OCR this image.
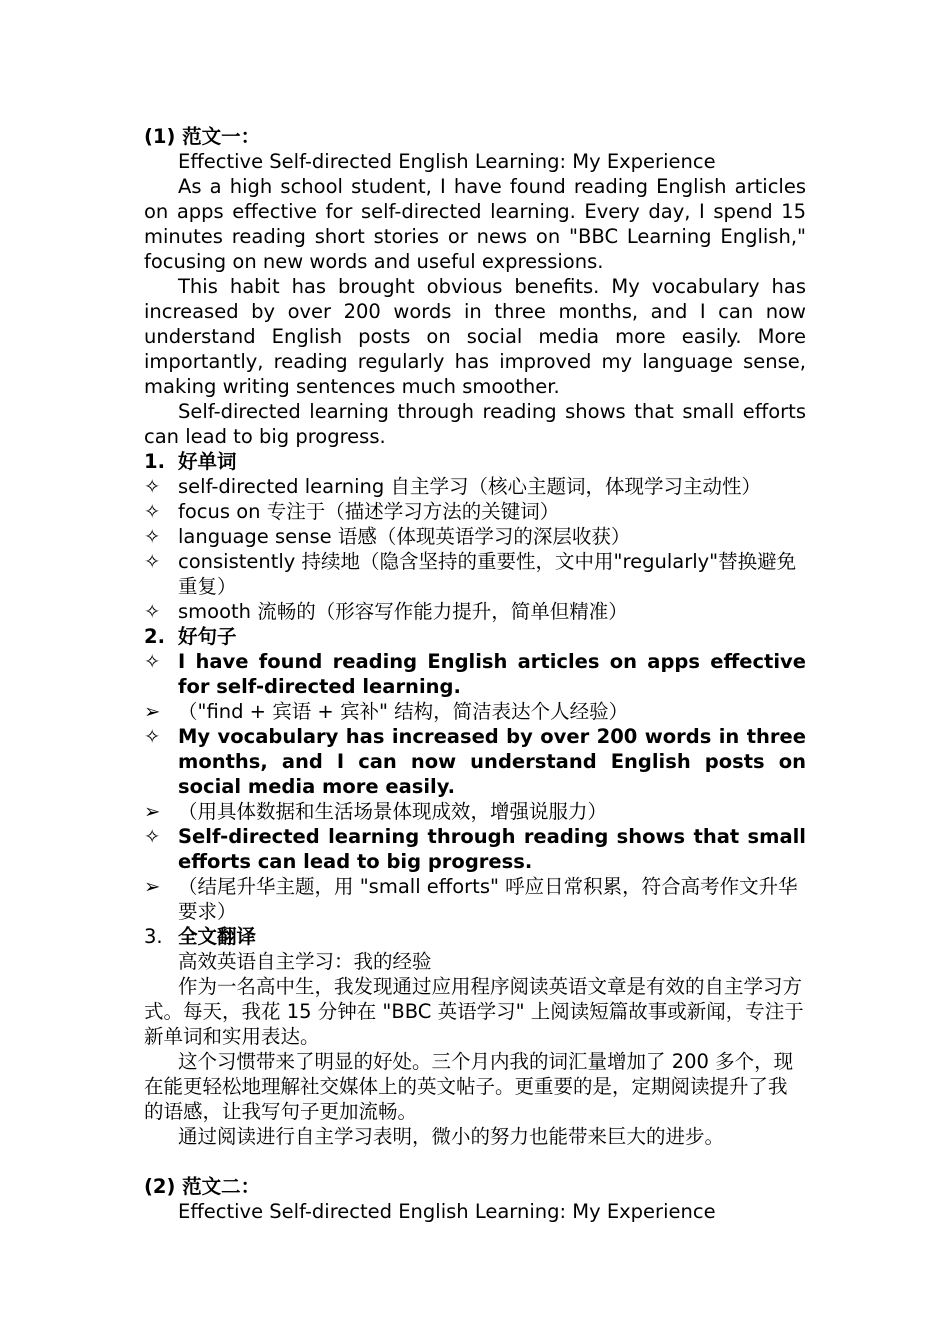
(1) 范文一：
Effective Self-directed English Learning: My Experience

As a high school student, I have found reading English articles on apps effective for self-directed learning. Every day, I spend 15 minutes reading short stories or news on "BBC Learning English," focusing on new words and useful expressions.

This habit has brought obvious benefits. My vocabulary has increased by over 200 words in three months, and I can now understand English posts on social media more easily. More importantly, reading regularly has improved my language sense, making writing sentences much smoother.

Self-directed learning through reading shows that small efforts can lead to big progress.

1. 好单词
✧ self-directed learning 自主学习（核心主题词，体现学习主动性）
✧ focus on 专注于（描述学习方法的关键词）
✧ language sense 语感（体现英语学习的深层收获）
✧ consistently 持续地（隐含坚持的重要性，文中用"regularly"替换避免重复）
✧ smooth 流畅的（形容写作能力提升，简单但精准）
2. 好句子
✧ I have found reading English articles on apps effective for self-directed learning.
➢ （"find + 宾语 + 宾补" 结构，简洁表达个人经验）
✧ My vocabulary has increased by over 200 words in three months, and I can now understand English posts on social media more easily.
➢ （用具体数据和生活场景体现成效，增强说服力）
✧ Self-directed learning through reading shows that small efforts can lead to big progress.
➢ （结尾升华主题，用 "small efforts" 呼应日常积累，符合高考作文升华要求）
3. 全文翻译
高效英语自主学习：我的经验

作为一名高中生，我发现通过应用程序阅读英语文章是有效的自主学习方式。每天，我花 15 分钟在 "BBC 英语学习" 上阅读短篇故事或新闻，专注于新单词和实用表达。

这个习惯带来了明显的好处。三个月内我的词汇量增加了 200 多个，现在能更轻松地理解社交媒体上的英文帖子。更重要的是，定期阅读提升了我的语感，让我写句子更加流畅。

通过阅读进行自主学习表明，微小的努力也能带来巨大的进步。

(2) 范文二：
Effective Self-directed English Learning: My Experience
